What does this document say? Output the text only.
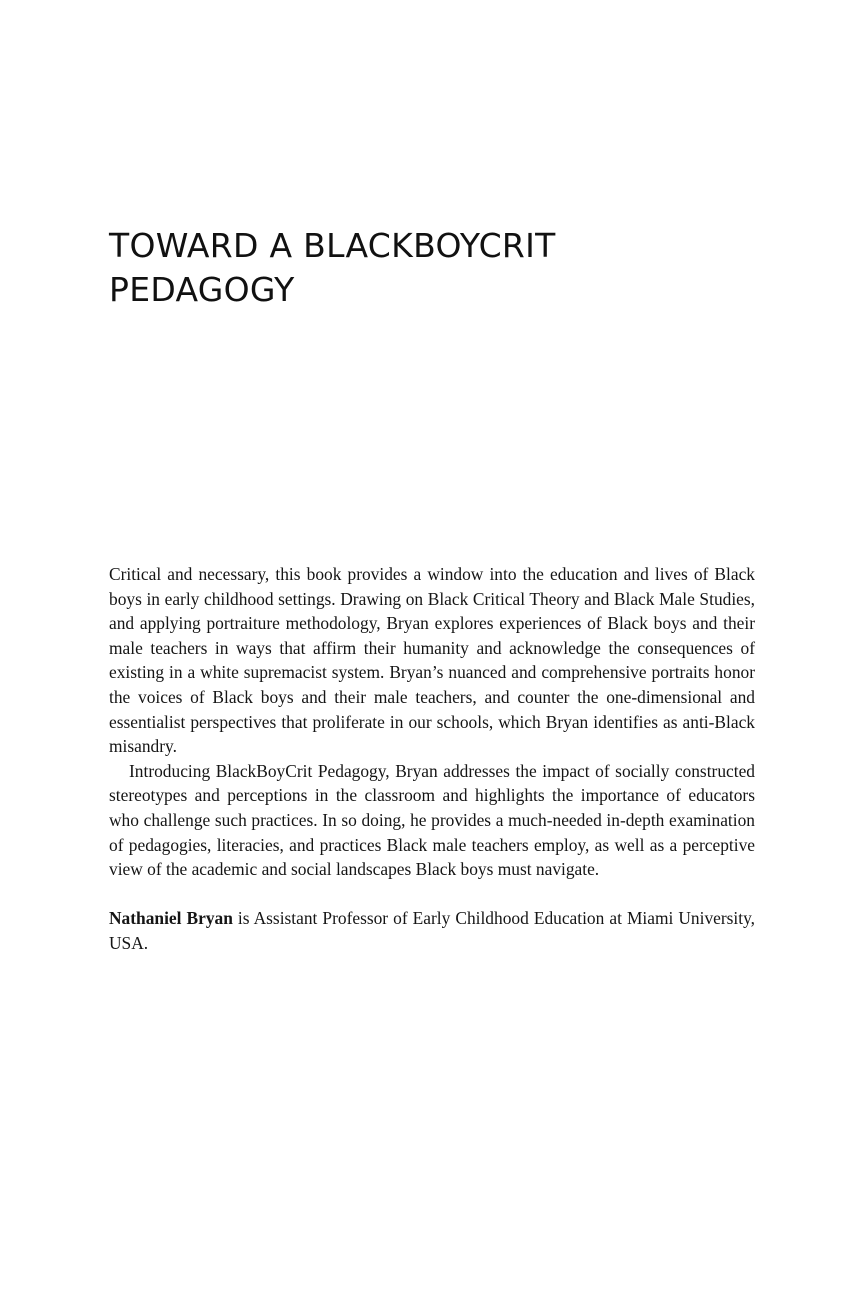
TOWARD A BLACKBOYCRIT
PEDAGOGY

Critical and necessary, this book provides a window into the education and lives of Black boys in early childhood settings. Drawing on Black Critical Theory and Black Male Studies, and applying portraiture methodology, Bryan explores experiences of Black boys and their male teachers in ways that affirm their humanity and acknowledge the consequences of existing in a white supremacist system. Bryan’s nuanced and comprehensive portraits honor the voices of Black boys and their male teachers, and counter the one-dimensional and essentialist perspectives that proliferate in our schools, which Bryan identifies as anti-Black misandry.

Introducing BlackBoyCrit Pedagogy, Bryan addresses the impact of socially constructed stereotypes and perceptions in the classroom and highlights the importance of educators who challenge such practices. In so doing, he provides a much-needed in-depth examination of pedagogies, literacies, and practices Black male teachers employ, as well as a perceptive view of the academic and social landscapes Black boys must navigate.

Nathaniel Bryan is Assistant Professor of Early Childhood Education at Miami University, USA.
